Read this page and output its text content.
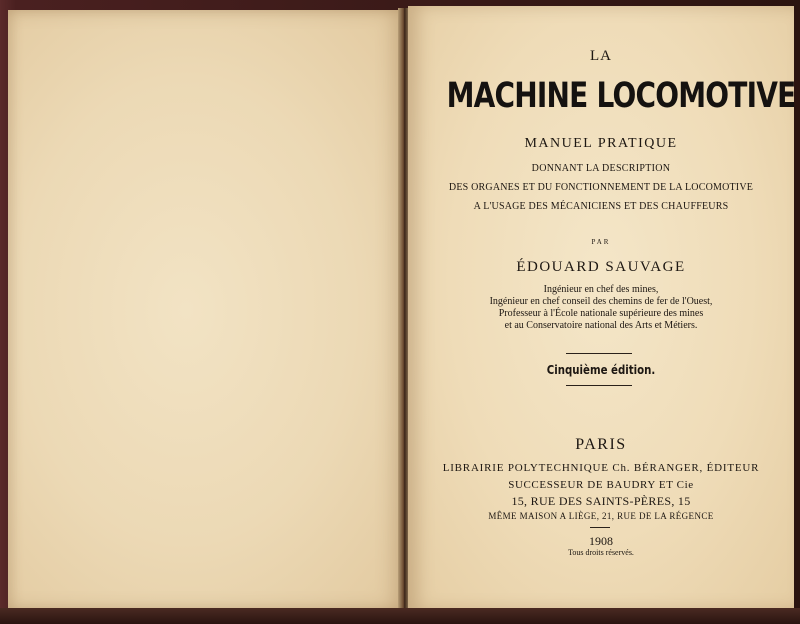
LA
MACHINE LOCOMOTIVE
MANUEL PRATIQUE
DONNANT LA DESCRIPTION
DES ORGANES ET DU FONCTIONNEMENT DE LA LOCOMOTIVE
A L'USAGE DES MÉCANICIENS ET DES CHAUFFEURS
PAR
ÉDOUARD SAUVAGE
Ingénieur en chef des mines,
Ingénieur en chef conseil des chemins de fer de l'Ouest,
Professeur à l'École nationale supérieure des mines
et au Conservatoire national des Arts et Métiers.
Cinquième édition.
PARIS
LIBRAIRIE POLYTECHNIQUE Ch. BÉRANGER, ÉDITEUR
SUCCESSEUR DE BAUDRY ET Cie
15, RUE DES SAINTS-PÈRES, 15
MÊME MAISON A LIÈGE, 21, RUE DE LA RÉGENCE
1908
Tous droits réservés.
